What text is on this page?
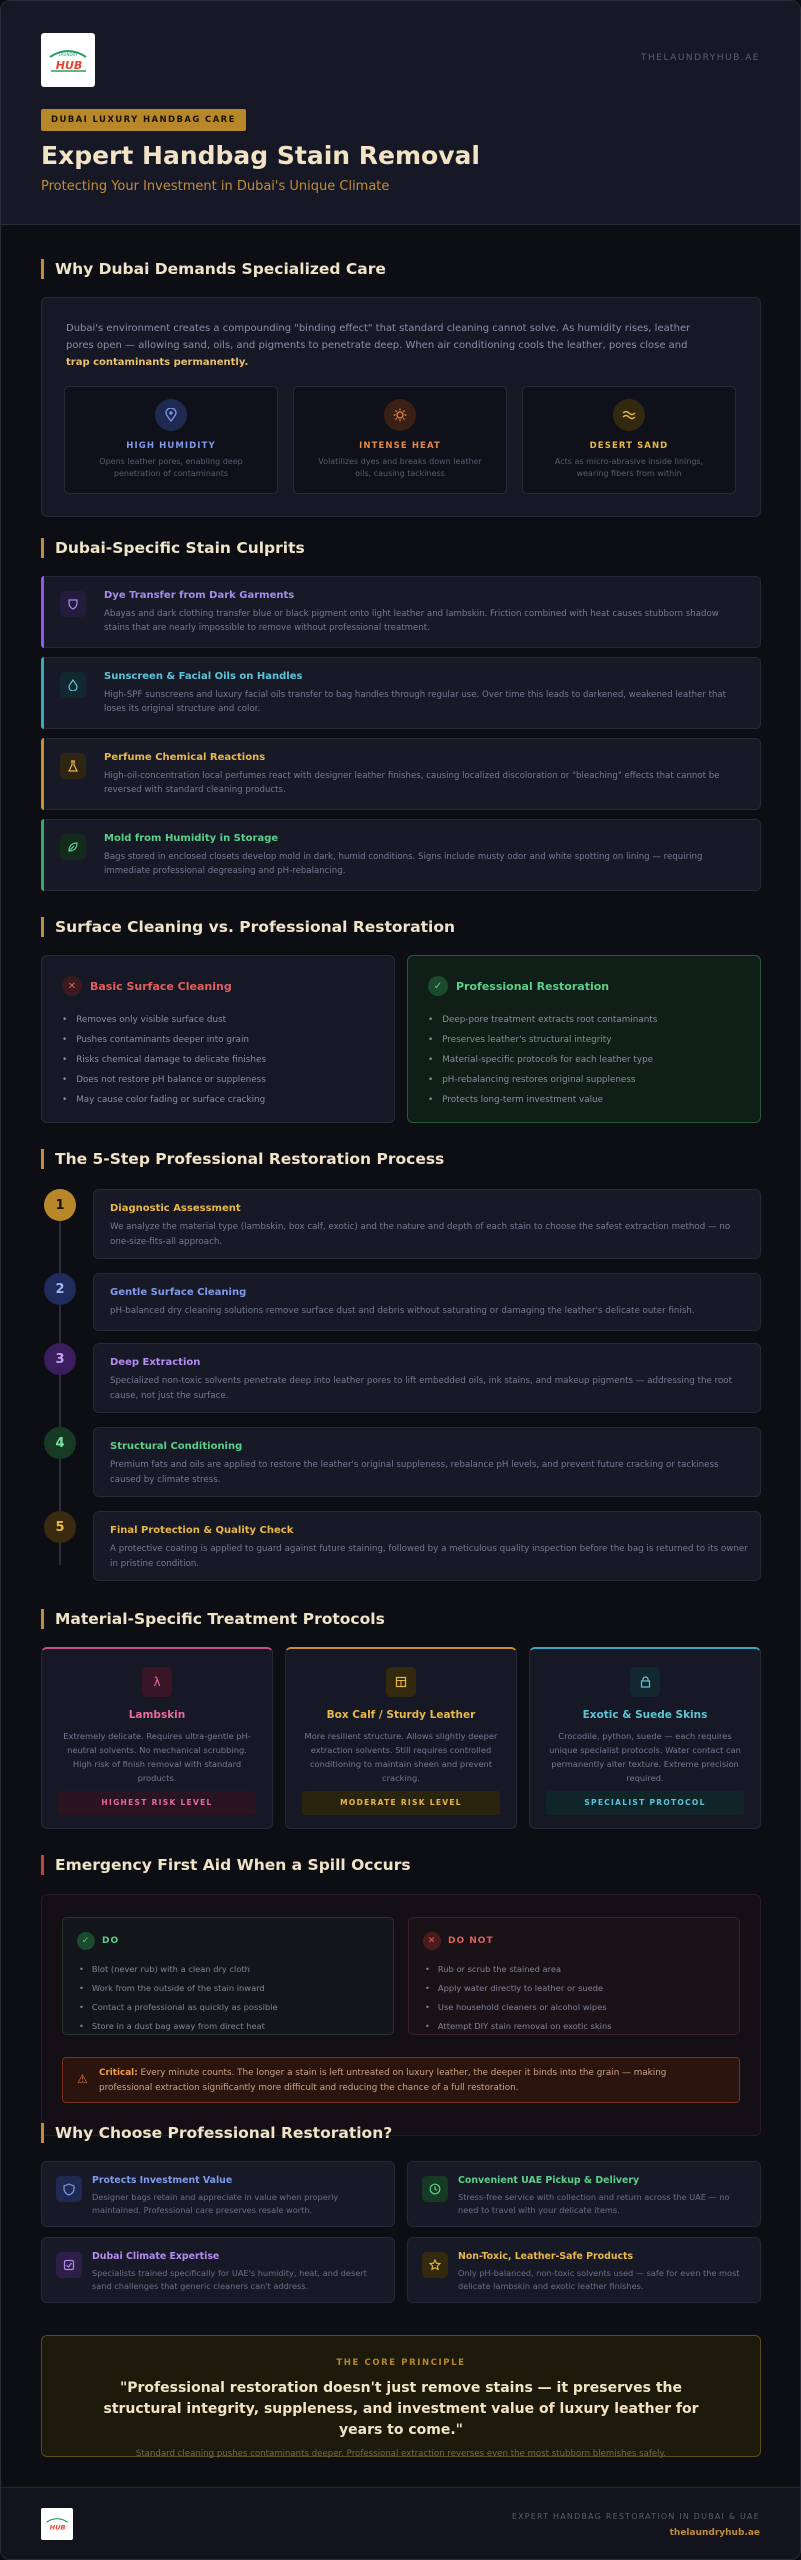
LAUNDRY
HUB
THELAUNDRYHUB.AE
DUBAI LUXURY HANDBAG CARE
Expert Handbag Stain Removal
Protecting Your Investment in Dubai's Unique Climate
Why Dubai Demands Specialized Care
Dubai's environment creates a compounding "binding effect" that standard cleaning cannot solve. As humidity rises, leather pores open — allowing sand, oils, and pigments to penetrate deep. When air conditioning cools the leather, pores close and trap contaminants permanently.
HIGH HUMIDITY
Opens leather pores, enabling deep penetration of contaminants
INTENSE HEAT
Volatilizes dyes and breaks down leather oils, causing tackiness
DESERT SAND
Acts as micro-abrasive inside linings, wearing fibers from within
Dubai-Specific Stain Culprits
Dye Transfer from Dark Garments
Abayas and dark clothing transfer blue or black pigment onto light leather and lambskin. Friction combined with heat causes stubborn shadow stains that are nearly impossible to remove without professional treatment.
Sunscreen & Facial Oils on Handles
High-SPF sunscreens and luxury facial oils transfer to bag handles through regular use. Over time this leads to darkened, weakened leather that loses its original structure and color.
Perfume Chemical Reactions
High-oil-concentration local perfumes react with designer leather finishes, causing localized discoloration or "bleaching" effects that cannot be reversed with standard cleaning products.
Mold from Humidity in Storage
Bags stored in enclosed closets develop mold in dark, humid conditions. Signs include musty odor and white spotting on lining — requiring immediate professional degreasing and pH-rebalancing.
Surface Cleaning vs. Professional Restoration
✕	Basic Surface Cleaning
• Removes only visible surface dust
• Pushes contaminants deeper into grain
• Risks chemical damage to delicate finishes
• Does not restore pH balance or suppleness
• May cause color fading or surface cracking
✓	Professional Restoration
• Deep-pore treatment extracts root contaminants
• Preserves leather's structural integrity
• Material-specific protocols for each leather type
• pH-rebalancing restores original suppleness
• Protects long-term investment value
The 5-Step Professional Restoration Process
1	Diagnostic Assessment
We analyze the material type (lambskin, box calf, exotic) and the nature and depth of each stain to choose the safest extraction method — no one-size-fits-all approach.
2	Gentle Surface Cleaning
pH-balanced dry cleaning solutions remove surface dust and debris without saturating or damaging the leather's delicate outer finish.
3	Deep Extraction
Specialized non-toxic solvents penetrate deep into leather pores to lift embedded oils, ink stains, and makeup pigments — addressing the root cause, not just the surface.
4	Structural Conditioning
Premium fats and oils are applied to restore the leather's original suppleness, rebalance pH levels, and prevent future cracking or tackiness caused by climate stress.
5	Final Protection & Quality Check
A protective coating is applied to guard against future staining, followed by a meticulous quality inspection before the bag is returned to its owner in pristine condition.
Material-Specific Treatment Protocols
λ
Lambskin
Extremely delicate. Requires ultra-gentle pH-neutral solvents. No mechanical scrubbing. High risk of finish removal with standard products.
HIGHEST RISK LEVEL
Box Calf / Sturdy Leather
More resilient structure. Allows slightly deeper extraction solvents. Still requires controlled conditioning to maintain sheen and prevent cracking.
MODERATE RISK LEVEL
Exotic & Suede Skins
Crocodile, python, suede — each requires unique specialist protocols. Water contact can permanently alter texture. Extreme precision required.
SPECIALIST PROTOCOL
Emergency First Aid When a Spill Occurs
✓	DO
• Blot (never rub) with a clean dry cloth
• Work from the outside of the stain inward
• Contact a professional as quickly as possible
• Store in a dust bag away from direct heat
✕	DO NOT
• Rub or scrub the stained area
• Apply water directly to leather or suede
• Use household cleaners or alcohol wipes
• Attempt DIY stain removal on exotic skins
⚠ Critical: Every minute counts. The longer a stain is left untreated on luxury leather, the deeper it binds into the grain — making professional extraction significantly more difficult and reducing the chance of a full restoration.
Why Choose Professional Restoration?
Protects Investment Value
Designer bags retain and appreciate in value when properly maintained. Professional care preserves resale worth.
Convenient UAE Pickup & Delivery
Stress-free service with collection and return across the UAE — no need to travel with your delicate items.
Dubai Climate Expertise
Specialists trained specifically for UAE's humidity, heat, and desert sand challenges that generic cleaners can't address.
Non-Toxic, Leather-Safe Products
Only pH-balanced, non-toxic solvents used — safe for even the most delicate lambskin and exotic leather finishes.
THE CORE PRINCIPLE
"Professional restoration doesn't just remove stains — it preserves the structural integrity, suppleness, and investment value of luxury leather for years to come."
Standard cleaning pushes contaminants deeper. Professional extraction reverses even the most stubborn blemishes safely.
HUB
EXPERT HANDBAG RESTORATION IN DUBAI & UAE
thelaundryhub.ae
